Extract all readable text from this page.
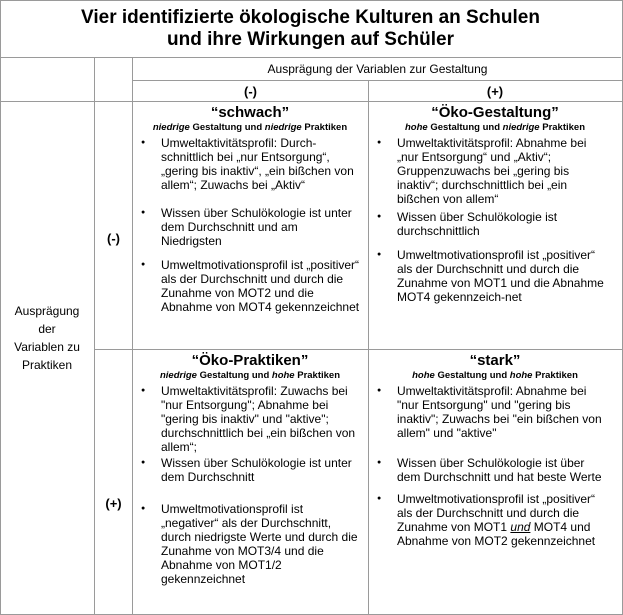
Vier identifizierte ökologische Kulturen an Schulen
und ihre Wirkungen auf Schüler
Ausprägung der Variablen zur Gestaltung
(-)	(+)
(-)
(+)
Ausprägung
der
Variablen zu
Praktiken
“schwach”
niedrige Gestaltung und niedrige Praktiken
● Umweltaktivitätsprofil: Durch-schnittlich bei „nur Entsorgung“, „gering bis inaktiv“, „ein bißchen von allem“; Zuwachs bei „Aktiv“
● Wissen über Schulökologie ist unter dem Durchschnitt und am Niedrigsten
● Umweltmotivationsprofil ist „positiver“ als der Durchschnitt und durch die Zunahme von MOT2 und die Abnahme von MOT4 gekennzeichnet
“Öko-Gestaltung”
hohe Gestaltung und niedrige Praktiken
● Umweltaktivitätsprofil: Abnahme bei „nur Entsorgung“ und „Aktiv“; Gruppenzuwachs bei „gering bis inaktiv“; durchschnittlich bei „ein bißchen von allem“
● Wissen über Schulökologie ist durchschnittlich
● Umweltmotivationsprofil ist „positiver“ als der Durchschnitt und durch die Zunahme von MOT1 und die Abnahme MOT4 gekennzeich-net
“Öko-Praktiken”
niedrige Gestaltung und hohe Praktiken
● Umweltaktivitätsprofil: Zuwachs bei "nur Entsorgung"; Abnahme bei "gering bis inaktiv" und "aktive"; durchschnittlich bei „ein bißchen von allem“;
● Wissen über Schulökologie ist unter dem Durchschnitt
● Umweltmotivationsprofil ist „negativer“ als der Durchschnitt, durch niedrigste Werte und durch die Zunahme von MOT3/4 und die Abnahme von MOT1/2 gekennzeichnet
“stark”
hohe Gestaltung und hohe Praktiken
● Umweltaktivitätsprofil: Abnahme bei "nur Entsorgung" und "gering bis inaktiv"; Zuwachs bei "ein bißchen von allem" und "aktive"
● Wissen über Schulökologie ist über dem Durchschnitt und hat beste Werte
● Umweltmotivationsprofil ist „positiver“ als der Durchschnitt und durch die Zunahme von MOT1 und MOT4 und Abnahme von MOT2 gekennzeichnet
